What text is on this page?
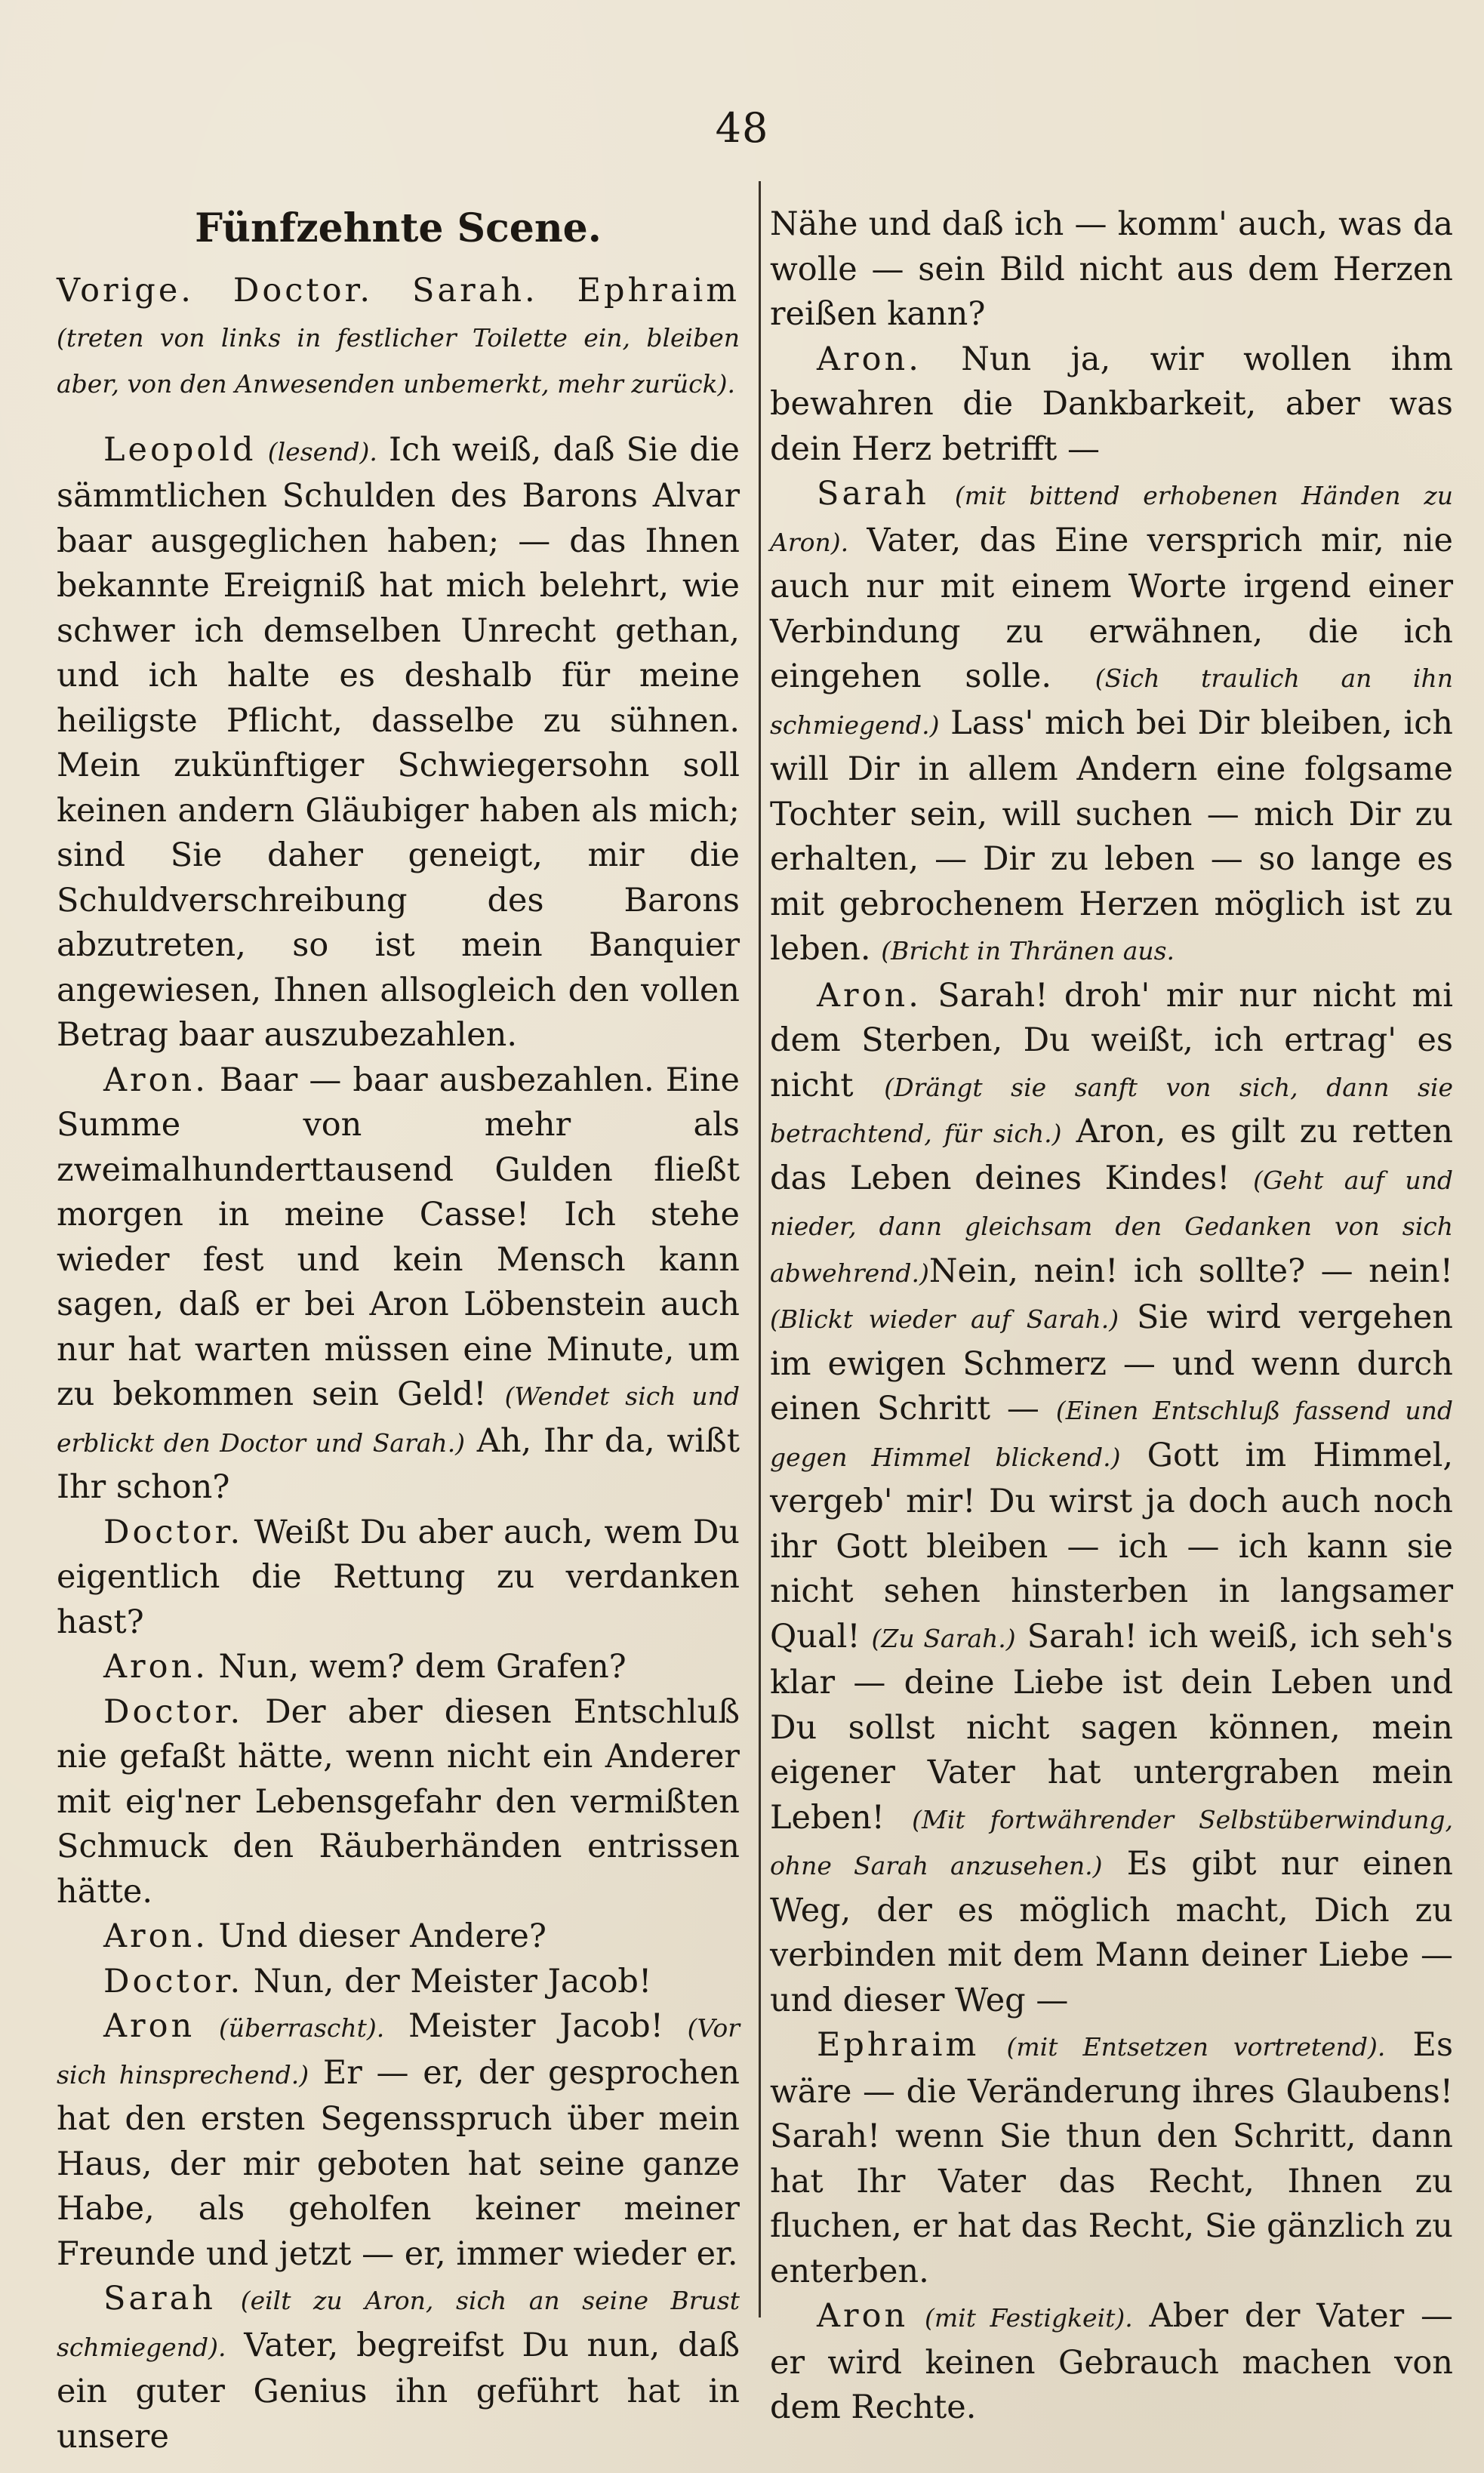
48
Fünfzehnte Scene.

Vorige. Doctor. Sarah. Ephraim (treten von links in festlicher Toilette ein, bleiben aber, von den Anwesenden unbemerkt, mehr zurück).

Leopold (lesend). Ich weiß, daß Sie die sämmtlichen Schulden des Barons Alvar baar ausgeglichen haben; — das Ihnen bekannte Ereigniß hat mich belehrt, wie schwer ich demselben Unrecht gethan, und ich halte es deshalb für meine heiligste Pflicht, dasselbe zu sühnen. Mein zukünftiger Schwiegersohn soll keinen andern Gläubiger haben als mich; sind Sie daher geneigt, mir die Schuldverschreibung des Barons abzutreten, so ist mein Banquier angewiesen, Ihnen allsogleich den vollen Betrag baar auszubezahlen.

Aron. Baar — baar ausbezahlen. Eine Summe von mehr als zweimalhunderttausend Gulden fließt morgen in meine Casse! Ich stehe wieder fest und kein Mensch kann sagen, daß er bei Aron Löbenstein auch nur hat warten müssen eine Minute, um zu bekommen sein Geld! (Wendet sich und erblickt den Doctor und Sarah.) Ah, Ihr da, wißt Ihr schon?

Doctor. Weißt Du aber auch, wem Du eigentlich die Rettung zu verdanken hast?

Aron. Nun, wem? dem Grafen?

Doctor. Der aber diesen Entschluß nie gefaßt hätte, wenn nicht ein Anderer mit eig'ner Lebensgefahr den vermißten Schmuck den Räuberhänden entrissen hätte.

Aron. Und dieser Andere?

Doctor. Nun, der Meister Jacob!

Aron (überrascht). Meister Jacob! (Vor sich hinsprechend.) Er — er, der gesprochen hat den ersten Segensspruch über mein Haus, der mir geboten hat seine ganze Habe, als geholfen keiner meiner Freunde und jetzt — er, immer wieder er.

Sarah (eilt zu Aron, sich an seine Brust schmiegend). Vater, begreifst Du nun, daß ein guter Genius ihn geführt hat in unsere

Nähe und daß ich — komm' auch, was da wolle — sein Bild nicht aus dem Herzen reißen kann?

Aron. Nun ja, wir wollen ihm bewahren die Dankbarkeit, aber was dein Herz betrifft —

Sarah (mit bittend erhobenen Händen zu Aron). Vater, das Eine versprich mir, nie auch nur mit einem Worte irgend einer Verbindung zu erwähnen, die ich eingehen solle. (Sich traulich an ihn schmiegend.) Lass' mich bei Dir bleiben, ich will Dir in allem Andern eine folgsame Tochter sein, will suchen — mich Dir zu erhalten, — Dir zu leben — so lange es mit gebrochenem Herzen möglich ist zu leben. (Bricht in Thränen aus.

Aron. Sarah! droh' mir nur nicht mi dem Sterben, Du weißt, ich ertrag' es nicht (Drängt sie sanft von sich, dann sie betrachtend, für sich.) Aron, es gilt zu retten das Leben deines Kindes! (Geht auf und nieder, dann gleichsam den Gedanken von sich abwehrend.)Nein, nein! ich sollte? — nein! (Blickt wieder auf Sarah.) Sie wird vergehen im ewigen Schmerz — und wenn durch einen Schritt — (Einen Entschluß fassend und gegen Himmel blickend.) Gott im Himmel, vergeb' mir! Du wirst ja doch auch noch ihr Gott bleiben — ich — ich kann sie nicht sehen hinsterben in langsamer Qual! (Zu Sarah.) Sarah! ich weiß, ich seh's klar — deine Liebe ist dein Leben und Du sollst nicht sagen können, mein eigener Vater hat untergraben mein Leben! (Mit fortwährender Selbstüberwindung, ohne Sarah anzusehen.) Es gibt nur einen Weg, der es möglich macht, Dich zu verbinden mit dem Mann deiner Liebe — und dieser Weg —

Ephraim (mit Entsetzen vortretend). Es wäre — die Veränderung ihres Glaubens! Sarah! wenn Sie thun den Schritt, dann hat Ihr Vater das Recht, Ihnen zu fluchen, er hat das Recht, Sie gänzlich zu enterben.

Aron (mit Festigkeit). Aber der Vater — er wird keinen Gebrauch machen von dem Rechte.
